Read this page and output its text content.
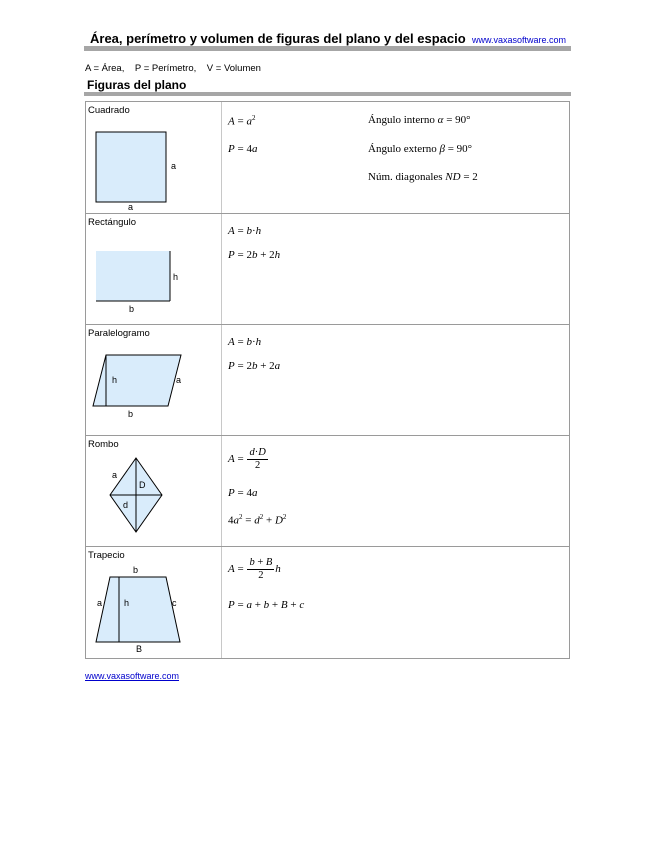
Área, perímetro y volumen de figuras del plano y del espacio www.vaxasoftware.com
A = Área,    P = Perímetro,    V = Volumen
Figuras del plano
Cuadrado
a
a
$A = a^2$
P = 4a
Ángulo interno α = 90°
Ángulo externo β = 90°
Núm. diagonales ND = 2
Rectángulo
h
b
A = b·h
P = 2b + 2h
Paralelogramo
h	a
b
A = b·h
P = 2b + 2a
Rombo
a
D
d
$A = \frac{d\cdot D}{2}$
P = 4a
$4a^2 = d^2 + D^2$
Trapecio
b
a h	c
B
$A = \frac{b + B}{2}$ h
P = a + b + B + c
www.vaxasoftware.com
